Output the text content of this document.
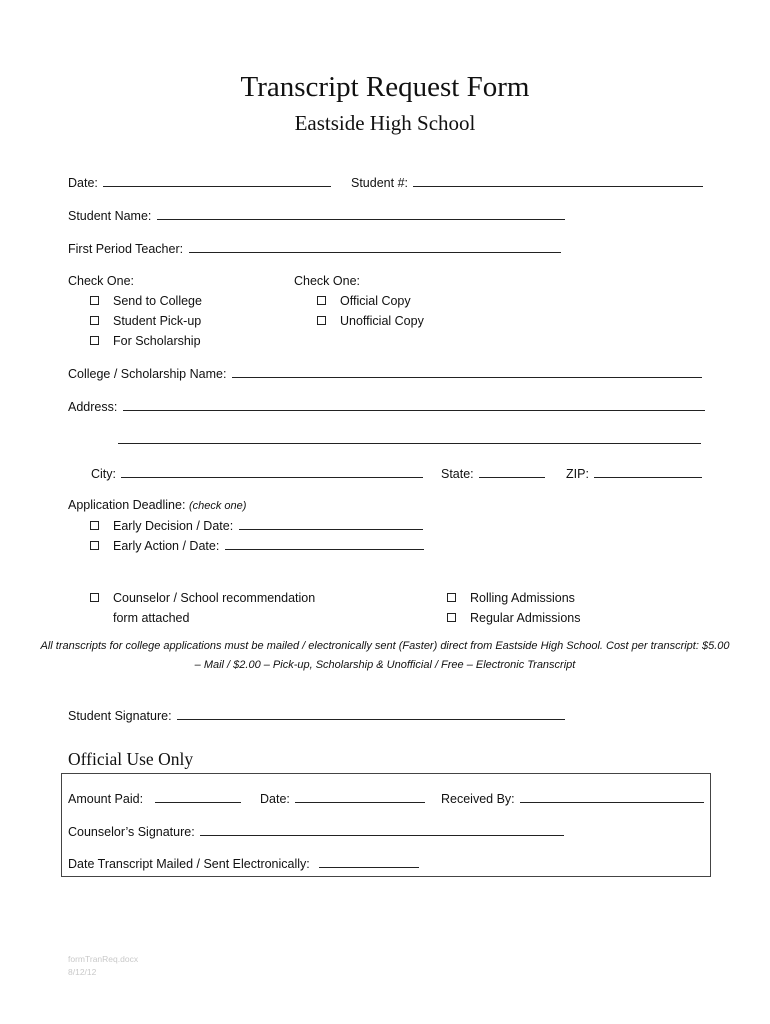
Transcript Request Form
Eastside High School
Date:	Student #:
Student Name:
First Period Teacher:
Check One:
Send to College
Student Pick-up
For Scholarship
Check One:
Official Copy
Unofficial Copy
College / Scholarship Name:
Address:
City:	State:	ZIP:
Application Deadline: (check one)
Early Decision / Date:
Early Action / Date:
Counselor / School recommendation
form attached
Rolling Admissions
Regular Admissions
All transcripts for college applications must be mailed / electronically sent (Faster) direct from Eastside High School. Cost per transcript: $5.00 – Mail / $2.00 – Pick-up, Scholarship & Unofficial / Free – Electronic Transcript
Student Signature:
Official Use Only
Amount Paid:	Date:	Received By:
Counselor’s Signature:
Date Transcript Mailed / Sent Electronically:
formTranReq.docx
8/12/12
